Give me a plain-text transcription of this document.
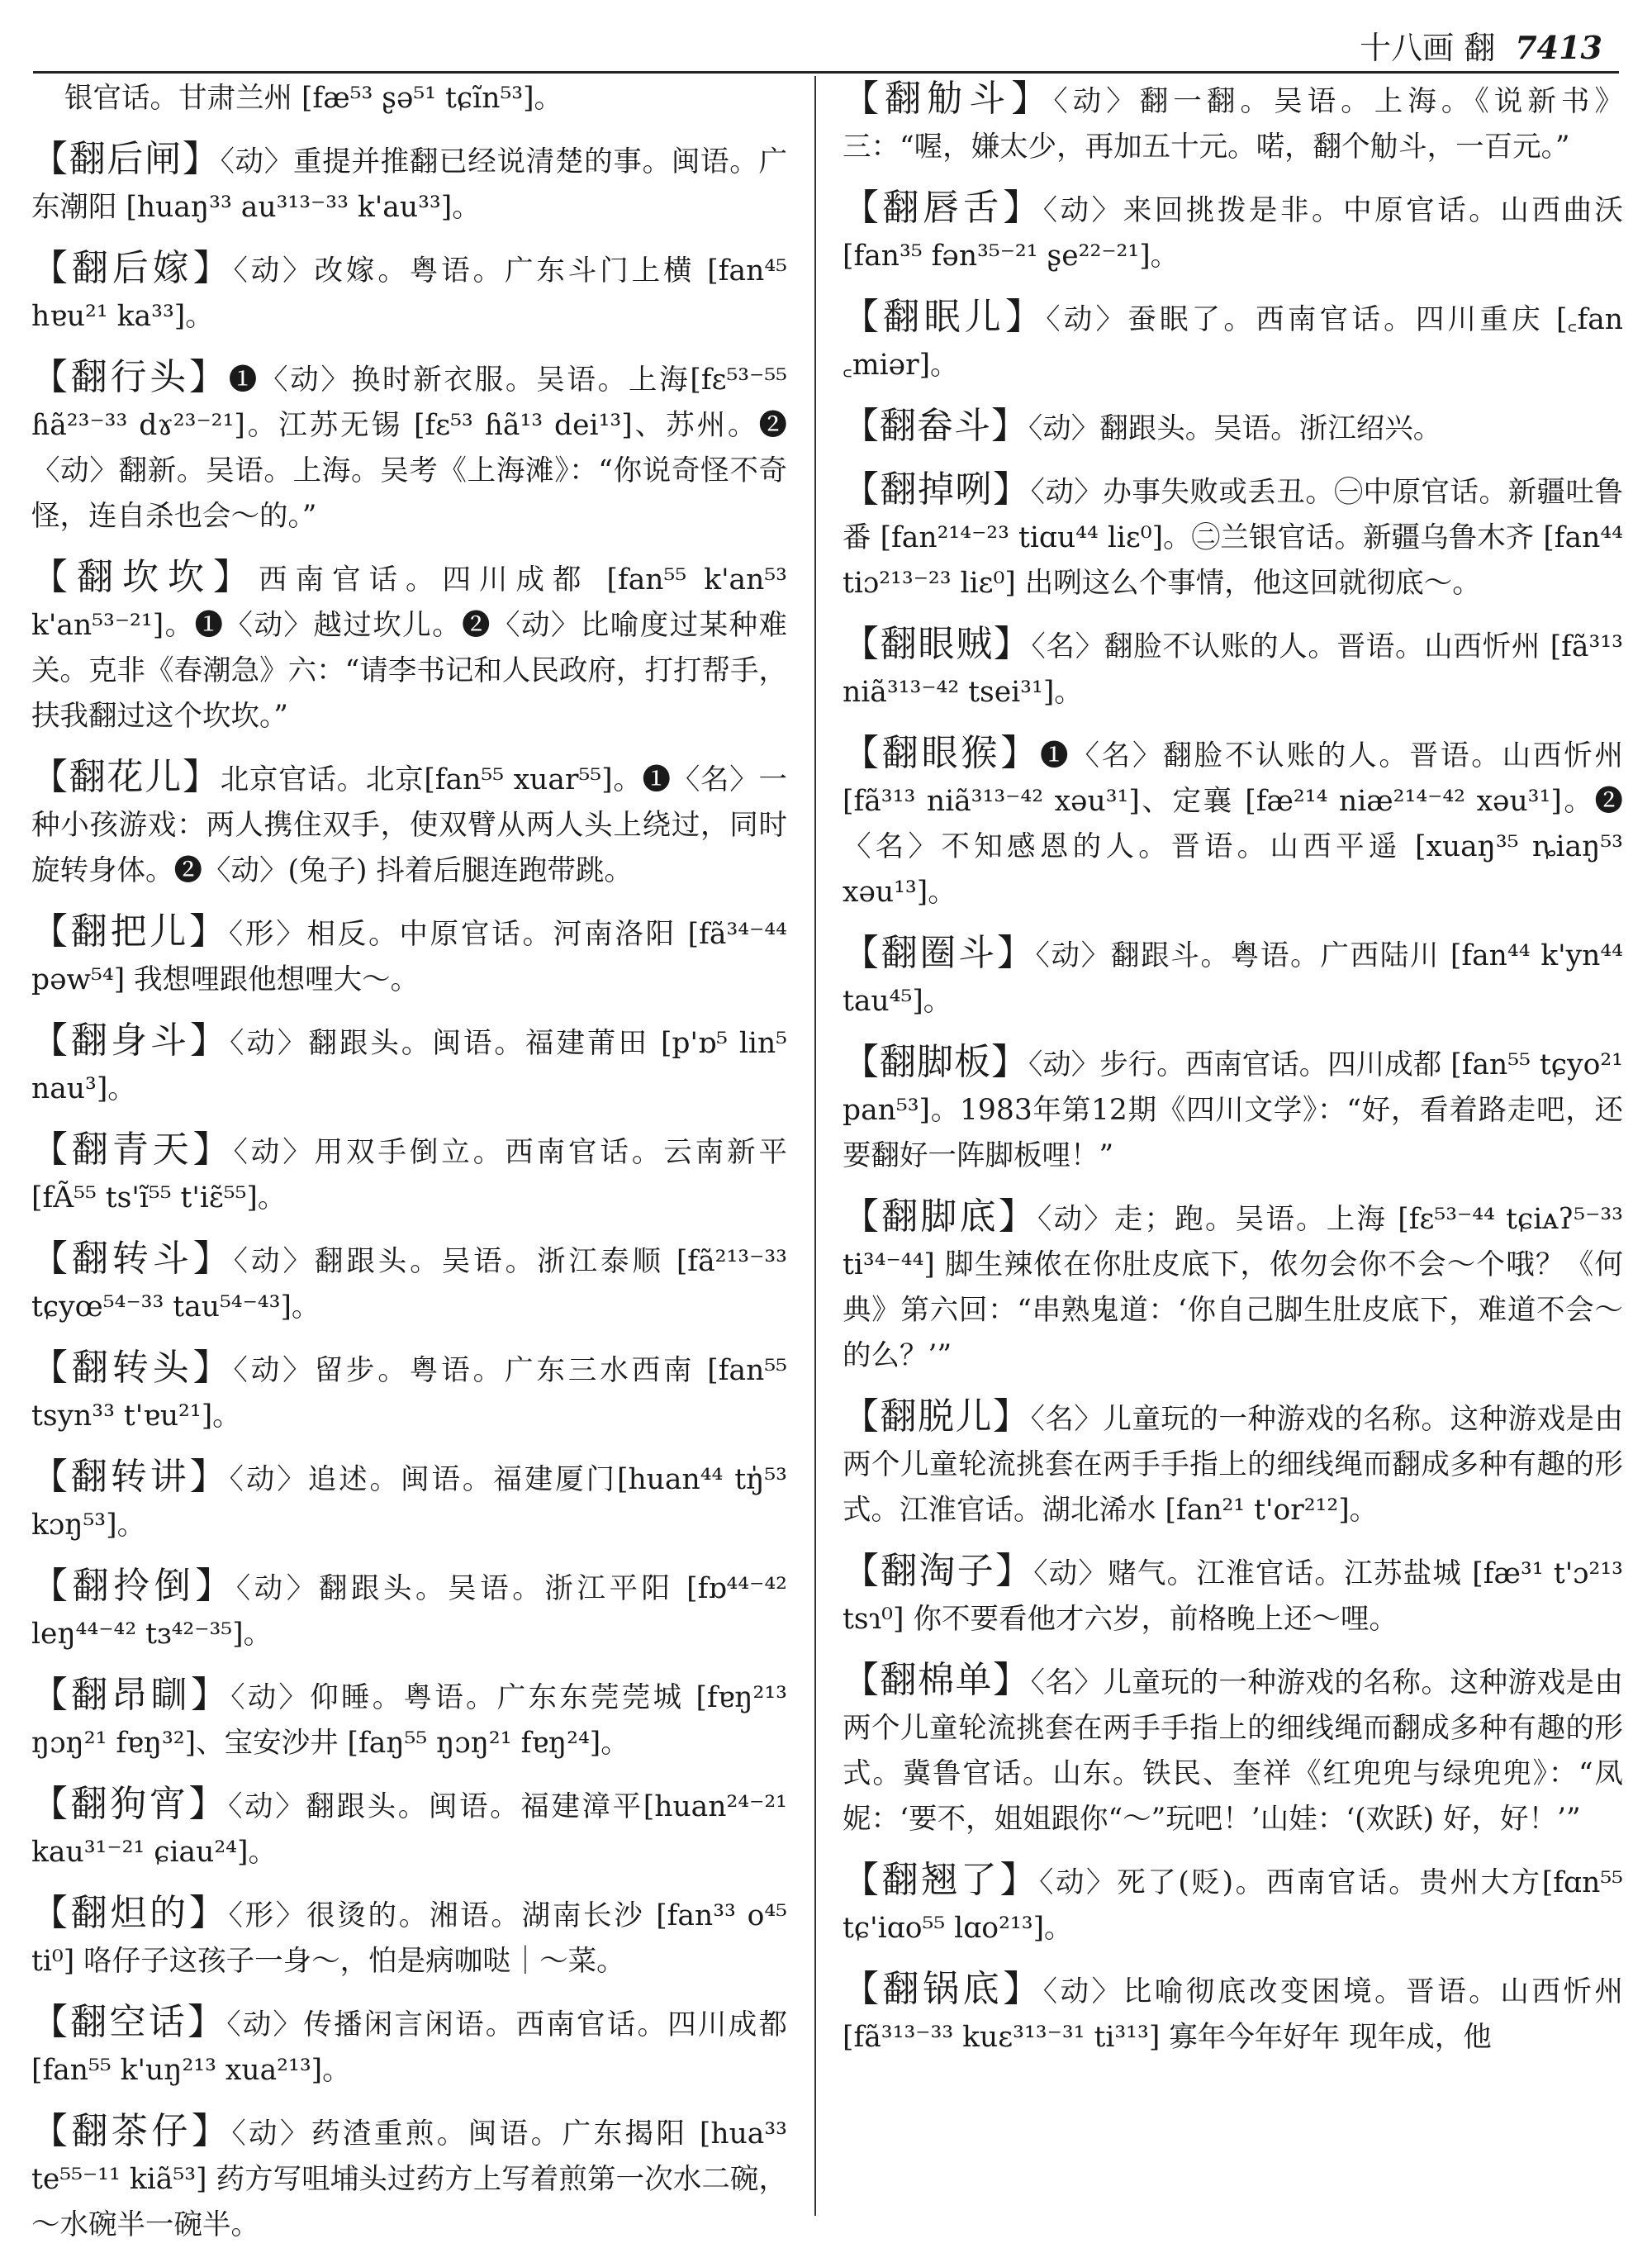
十八画 翻 7413

银官话。甘肃兰州 [fæ⁵³ ʂə⁵¹ tɕĩn⁵³]。

【翻后闸】〈动〉重提并推翻已经说清楚的事。闽语。广东潮阳 [huaŋ³³ au³¹³⁻³³ k'au³³]。

【翻后嫁】〈动〉改嫁。粤语。广东斗门上横 [fan⁴⁵ hɐu²¹ ka³³]。

【翻行头】❶〈动〉换时新衣服。吴语。上海[fɛ⁵³⁻⁵⁵ ɦã²³⁻³³ dɤ²³⁻²¹]。江苏无锡 [fɛ⁵³ ɦã¹³ dei¹³]、苏州。❷〈动〉翻新。吴语。上海。吴考《上海滩》：“你说奇怪不奇怪，连自杀也会～的。”

【翻坎坎】西南官话。四川成都 [fan⁵⁵ k'an⁵³ k'an⁵³⁻²¹]。❶〈动〉越过坎儿。❷〈动〉比喻度过某种难关。克非《春潮急》六：“请李书记和人民政府，打打帮手，扶我翻过这个坎坎。”

【翻花儿】北京官话。北京[fan⁵⁵ xuar⁵⁵]。❶〈名〉一种小孩游戏：两人携住双手，使双臂从两人头上绕过，同时旋转身体。❷〈动〉(兔子) 抖着后腿连跑带跳。

【翻把儿】〈形〉相反。中原官话。河南洛阳 [fã³⁴⁻⁴⁴ pəw⁵⁴] 我想哩跟他想哩大～。

【翻身斗】〈动〉翻跟头。闽语。福建莆田 [p'ɒ⁵ lin⁵ nau³]。

【翻青天】〈动〉用双手倒立。西南官话。云南新平 [fÃ⁵⁵ ts'ĩ⁵⁵ t'iɛ̃⁵⁵]。

【翻转斗】〈动〉翻跟头。吴语。浙江泰顺 [fã²¹³⁻³³ tɕyœ⁵⁴⁻³³ tau⁵⁴⁻⁴³]。

【翻转头】〈动〉留步。粤语。广东三水西南 [fan⁵⁵ tsyn³³ t'ɐu²¹]。

【翻转讲】〈动〉追述。闽语。福建厦门[huan⁴⁴ tŋ̍⁵³ kɔŋ⁵³]。

【翻拎倒】〈动〉翻跟头。吴语。浙江平阳 [fɒ⁴⁴⁻⁴² leŋ⁴⁴⁻⁴² tɜ⁴²⁻³⁵]。

【翻昂瞓】〈动〉仰睡。粤语。广东东莞莞城 [fɐŋ²¹³ ŋɔŋ²¹ fɐŋ³²]、宝安沙井 [faŋ⁵⁵ ŋɔŋ²¹ fɐŋ²⁴]。

【翻狗宵】〈动〉翻跟头。闽语。福建漳平[huan²⁴⁻²¹ kau³¹⁻²¹ ɕiau²⁴]。

【翻炟的】〈形〉很烫的。湘语。湖南长沙 [fan³³ o⁴⁵ ti⁰] 咯仔子这孩子一身～，怕是病咖哒｜～菜。

【翻空话】〈动〉传播闲言闲语。西南官话。四川成都 [fan⁵⁵ k'uŋ²¹³ xua²¹³]。

【翻茶仔】〈动〉药渣重煎。闽语。广东揭阳 [hua³³ te⁵⁵⁻¹¹ kiã⁵³] 药方写咀埔头过药方上写着煎第一次水二碗，～水碗半一碗半。

【翻觔斗】〈动〉翻一翻。吴语。上海。《说新书》三：“喔，嫌太少，再加五十元。喏，翻个觔斗，一百元。”

【翻唇舌】〈动〉来回挑拨是非。中原官话。山西曲沃 [fan³⁵ fən³⁵⁻²¹ ʂe²²⁻²¹]。

【翻眠儿】〈动〉蚕眠了。西南官话。四川重庆 [꜀fan ꜀miər]。

【翻畚斗】〈动〉翻跟头。吴语。浙江绍兴。

【翻掉咧】〈动〉办事失败或丢丑。㊀中原官话。新疆吐鲁番 [fan²¹⁴⁻²³ tiɑu⁴⁴ liɛ⁰]。㊁兰银官话。新疆乌鲁木齐 [fan⁴⁴ tiɔ²¹³⁻²³ liɛ⁰] 出咧这么个事情，他这回就彻底～。

【翻眼贼】〈名〉翻脸不认账的人。晋语。山西忻州 [fã³¹³ niã³¹³⁻⁴² tsei³¹]。

【翻眼猴】❶〈名〉翻脸不认账的人。晋语。山西忻州 [fã³¹³ niã³¹³⁻⁴² xəu³¹]、定襄 [fæ²¹⁴ niæ²¹⁴⁻⁴² xəu³¹]。❷〈名〉不知感恩的人。晋语。山西平遥 [xuaŋ³⁵ ȵiaŋ⁵³ xəu¹³]。

【翻圈斗】〈动〉翻跟斗。粤语。广西陆川 [fan⁴⁴ k'yn⁴⁴ tau⁴⁵]。

【翻脚板】〈动〉步行。西南官话。四川成都 [fan⁵⁵ tɕyo²¹ pan⁵³]。1983年第12期《四川文学》：“好，看着路走吧，还要翻好一阵脚板哩！”

【翻脚底】〈动〉走；跑。吴语。上海 [fɛ⁵³⁻⁴⁴ tɕiᴀʔ⁵⁻³³ ti³⁴⁻⁴⁴] 脚生辣侬在你肚皮底下，侬勿会你不会～个哦？《何典》第六回：“串熟鬼道：‘你自己脚生肚皮底下，难道不会～的么？’”

【翻脱儿】〈名〉儿童玩的一种游戏的名称。这种游戏是由两个儿童轮流挑套在两手手指上的细线绳而翻成多种有趣的形式。江淮官话。湖北浠水 [fan²¹ t'or²¹²]。

【翻淘子】〈动〉赌气。江淮官话。江苏盐城 [fæ³¹ t'ɔ²¹³ tsɿ⁰] 你不要看他才六岁，前格晚上还～哩。

【翻棉单】〈名〉儿童玩的一种游戏的名称。这种游戏是由两个儿童轮流挑套在两手手指上的细线绳而翻成多种有趣的形式。冀鲁官话。山东。铁民、奎祥《红兜兜与绿兜兜》：“凤妮：‘要不，姐姐跟你“～”玩吧！’山娃：‘(欢跃) 好，好！’”

【翻翘了】〈动〉死了(贬)。西南官话。贵州大方[fɑn⁵⁵ tɕ'iɑo⁵⁵ lɑo²¹³]。

【翻锅底】〈动〉比喻彻底改变困境。晋语。山西忻州 [fã³¹³⁻³³ kuɛ³¹³⁻³¹ ti³¹³] 寡年今年好年 现年成，他
